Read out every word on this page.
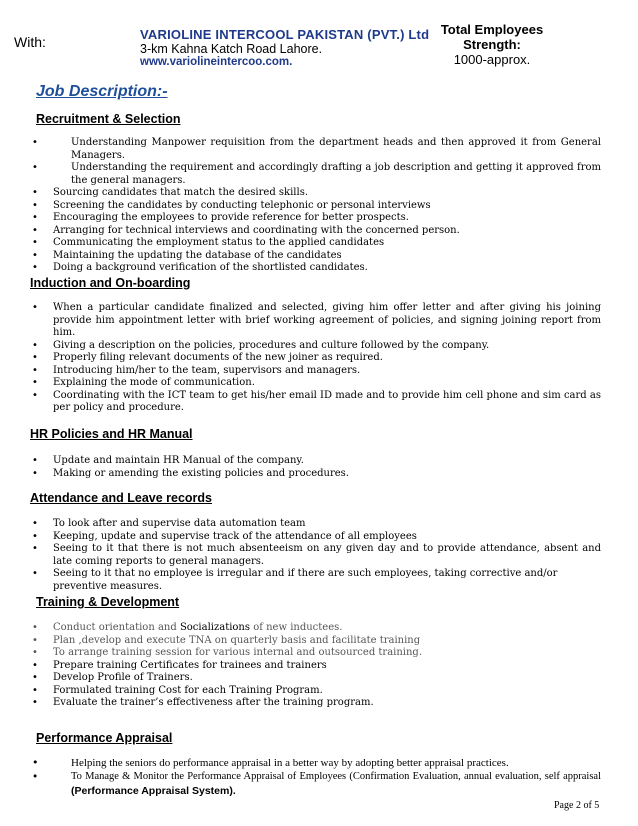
With:	VARIOLINE INTERCOOL PAKISTAN (PVT.) Ltd
3-km Kahna Katch Road Lahore.
www.variolineintercoo.com.
Total Employees
Strength:
1000-approx.
Job Description:-
Recruitment & Selection
• Understanding Manpower requisition from the department heads and then approved it from General Managers.
• Understanding the requirement and accordingly drafting a job description and getting it approved from the general managers.
• Sourcing candidates that match the desired skills.
• Screening the candidates by conducting telephonic or personal interviews
• Encouraging the employees to provide reference for better prospects.
• Arranging for technical interviews and coordinating with the concerned person.
• Communicating the employment status to the applied candidates
• Maintaining the updating the database of the candidates
• Doing a background verification of the shortlisted candidates.
Induction and On-boarding
• When a particular candidate finalized and selected, giving him offer letter and after giving his joining provide him appointment letter with brief working agreement of policies, and signing joining report from him.
• Giving a description on the policies, procedures and culture followed by the company.
• Properly filing relevant documents of the new joiner as required.
• Introducing him/her to the team, supervisors and managers.
• Explaining the mode of communication.
• Coordinating with the ICT team to get his/her email ID made and to provide him cell phone and sim card as per policy and procedure.
HR Policies and HR Manual
• Update and maintain HR Manual of the company.
• Making or amending the existing policies and procedures.
Attendance and Leave records
• To look after and supervise data automation team
• Keeping, update and supervise track of the attendance of all employees
• Seeing to it that there is not much absenteeism on any given day and to provide attendance, absent and late coming reports to general managers.
• Seeing to it that no employee is irregular and if there are such employees, taking corrective and/or preventive measures.
Training & Development
• Conduct orientation and Socializations of new inductees.
• Plan ,develop and execute TNA on quarterly basis and facilitate training
• To arrange training session for various internal and outsourced training.
• Prepare training Certificates for trainees and trainers
• Develop Profile of Trainers.
• Formulated training Cost for each Training Program.
• Evaluate the trainer’s effectiveness after the training program.
Performance Appraisal
• Helping the seniors do performance appraisal in a better way by adopting better appraisal practices.
• To Manage & Monitor the Performance Appraisal of Employees (Confirmation Evaluation, annual evaluation, self appraisal (Performance Appraisal System).
Page 2 of 5
